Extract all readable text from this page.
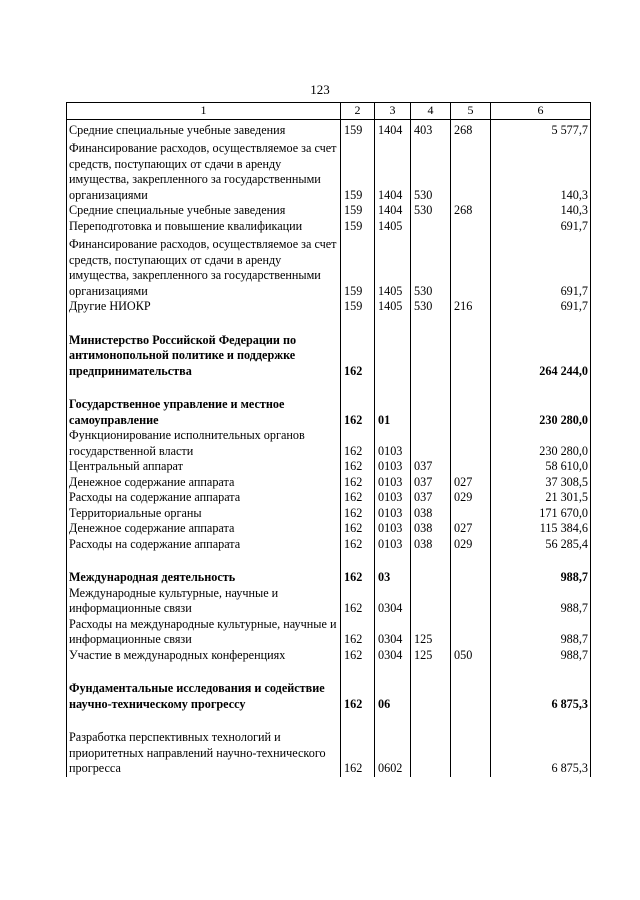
123
1	2	3	4	5	6

Средние специальные учебные заведения	159	1404	403	268	5 577,7

Финансирование расходов, осуществляемое за счет средств, поступающих от сдачи в аренду имущества, закрепленного за государственными организациями	159	1404	530		140,3
Средние специальные учебные заведения	159	1404	530	268	140,3
Переподготовка и повышение квалификации	159	1405			691,7

Финансирование расходов, осуществляемое за счет средств, поступающих от сдачи в аренду имущества, закрепленного за государственными организациями	159	1405	530		691,7
Другие НИОКР	159	1405	530	216	691,7

Министерство Российской Федерации по антимонопольной политике и поддержке предпринимательства	162				264 244,0

Государственное управление и местное самоуправление	162	01			230 280,0
Функционирование исполнительных органов государственной власти	162	0103			230 280,0
Центральный аппарат	162	0103	037		58 610,0
Денежное содержание аппарата	162	0103	037	027	37 308,5
Расходы на содержание аппарата	162	0103	037	029	21 301,5
Территориальные органы	162	0103	038		171 670,0
Денежное содержание аппарата	162	0103	038	027	115 384,6
Расходы на содержание аппарата	162	0103	038	029	56 285,4

Международная деятельность	162	03			988,7
Международные культурные, научные и информационные связи	162	0304			988,7
Расходы на международные культурные, научные и информационные связи	162	0304	125		988,7
Участие в международных конференциях	162	0304	125	050	988,7

Фундаментальные исследования и содействие научно-техническому прогрессу	162	06			6 875,3

Разработка перспективных технологий и приоритетных направлений научно-технического прогресса	162	0602			6 875,3
